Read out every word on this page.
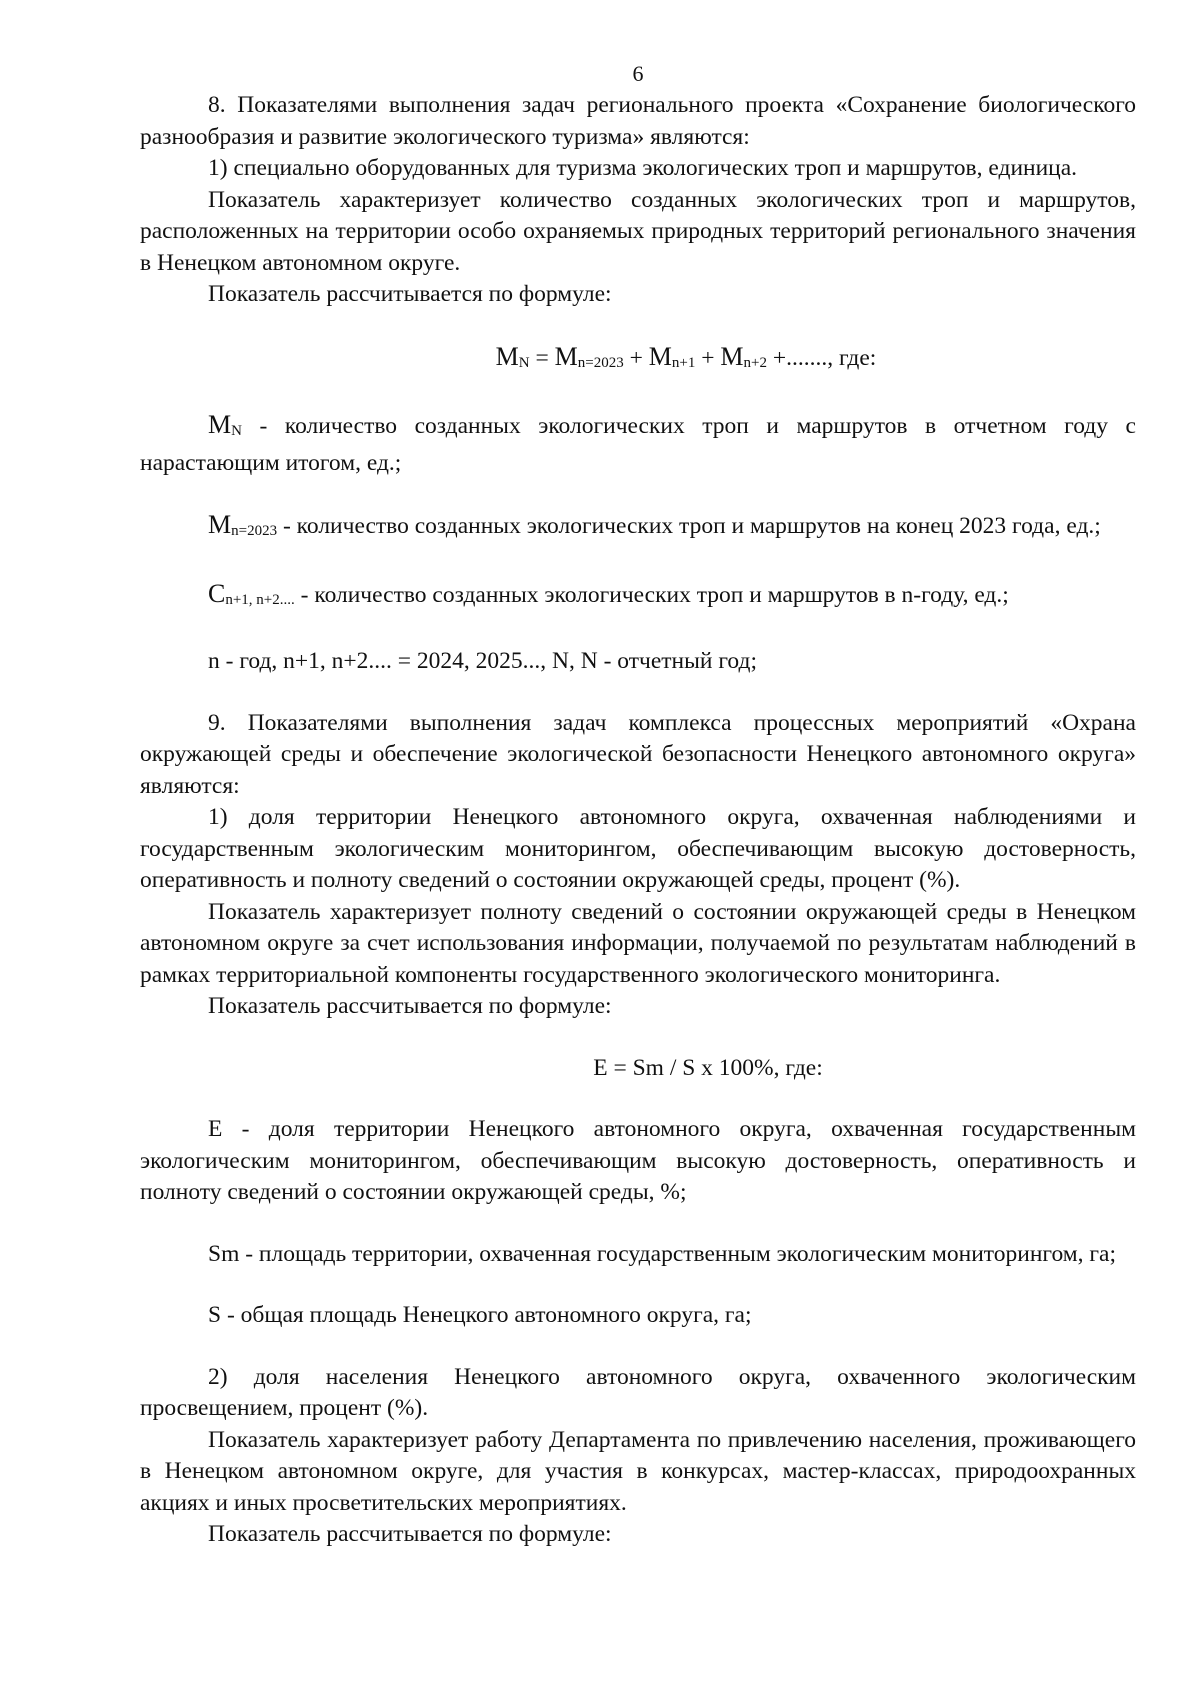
6

8. Показателями выполнения задач регионального проекта «Сохранение биологического разнообразия и развитие экологического туризма» являются:

1) специально оборудованных для туризма экологических троп и маршрутов, единица.

Показатель характеризует количество созданных экологических троп и маршрутов, расположенных на территории особо охраняемых природных территорий регионального значения в Ненецком автономном округе.

Показатель рассчитывается по формуле:

MN = Mn=2023 + Mn+1 + Mn+2 +......., где:

MN - количество созданных экологических троп и маршрутов в отчетном году с нарастающим итогом, ед.;

Mn=2023 - количество созданных экологических троп и маршрутов на конец 2023 года, ед.;

Cn+1, n+2.... - количество созданных экологических троп и маршрутов в n-году, ед.;

n - год, n+1, n+2.... = 2024, 2025..., N, N - отчетный год;

9. Показателями выполнения задач комплекса процессных мероприятий «Охрана окружающей среды и обеспечение экологической безопасности Ненецкого автономного округа» являются:

1) доля территории Ненецкого автономного округа, охваченная наблюдениями и государственным экологическим мониторингом, обеспечивающим высокую достоверность, оперативность и полноту сведений о состоянии окружающей среды, процент (%).

Показатель характеризует полноту сведений о состоянии окружающей среды в Ненецком автономном округе за счет использования информации, получаемой по результатам наблюдений в рамках территориальной компоненты государственного экологического мониторинга.

Показатель рассчитывается по формуле:

E = Sm / S x 100%, где:

E - доля территории Ненецкого автономного округа, охваченная государственным экологическим мониторингом, обеспечивающим высокую достоверность, оперативность и полноту сведений о состоянии окружающей среды, %;

Sm - площадь территории, охваченная государственным экологическим мониторингом, га;

S - общая площадь Ненецкого автономного округа, га;

2) доля населения Ненецкого автономного округа, охваченного экологическим просвещением, процент (%).

Показатель характеризует работу Департамента по привлечению населения, проживающего в Ненецком автономном округе, для участия в конкурсах, мастер-классах, природоохранных акциях и иных просветительских мероприятиях.

Показатель рассчитывается по формуле:
